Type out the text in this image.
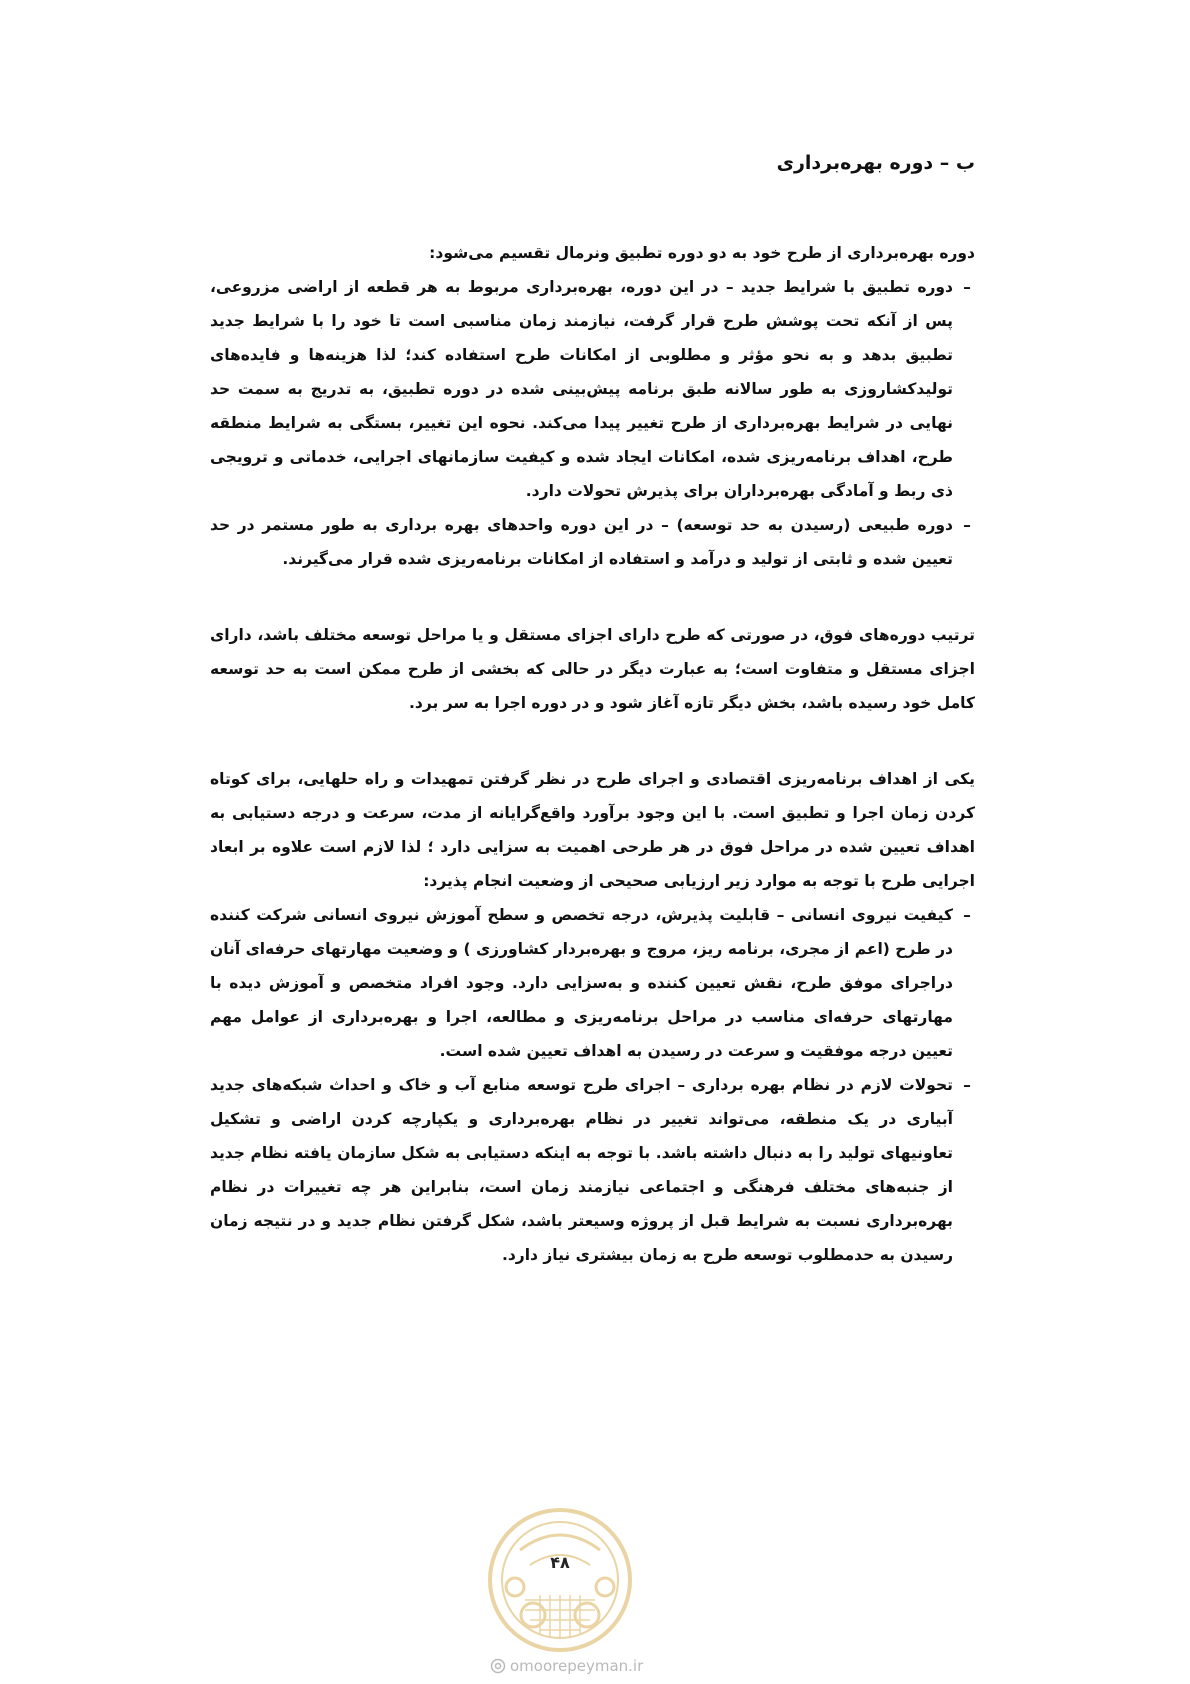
ب – دوره بهره‌برداری

دوره بهره‌برداری از طرح خود به دو دوره تطبیق ونرمال تقسیم می‌شود:

–
دوره تطبیق با شرایط جدید – در این دوره، بهره‌برداری مربوط به هر قطعه از اراضی مزروعی، پس از آنکه تحت پوشش طرح قرار گرفت، نیازمند زمان مناسبی است تا خود را با شرایط جدید تطبیق بدهد و به نحو مؤثر و مطلوبی از امکانات طرح استفاده کند؛ لذا هزینه‌ها و فایده‌های تولیدکشاروزی به طور سالانه طبق برنامه پیش‌بینی شده در دوره تطبیق، به تدریج به سمت حد نهایی در شرایط بهره‌برداری از طرح تغییر پیدا می‌کند. نحوه این تغییر، بستگی به شرایط منطقه طرح، اهداف برنامه‌ریزی شده، امکانات ایجاد شده و کیفیت سازمانهای اجرایی، خدماتی و ترویجی ذی ربط و آمادگی بهره‌برداران برای پذیرش تحولات دارد.
–
دوره طبیعی (رسیدن به حد توسعه) – در این دوره واحدهای بهره برداری به طور مستمر در حد تعیین شده و ثابتی از تولید و درآمد و استفاده از امکانات برنامه‌ریزی شده قرار می‌گیرند.

ترتیب دوره‌های فوق، در صورتی که طرح دارای اجزای مستقل و یا مراحل توسعه مختلف باشد، دارای اجزای مستقل و متفاوت است؛ به عبارت دیگر در حالی که بخشی از طرح ممکن است به حد توسعه کامل خود رسیده باشد، بخش دیگر تازه آغاز شود و در دوره اجرا به سر برد.

یکی از اهداف برنامه‌ریزی اقتصادی و اجرای طرح در نظر گرفتن تمهیدات و راه حلهایی، برای کوتاه کردن زمان اجرا و تطبیق است. با این وجود برآورد واقع‌گرایانه از مدت، سرعت و درجه دستیابی به اهداف تعیین شده در مراحل فوق در هر طرحی اهمیت به سزایی دارد ؛ لذا لازم است علاوه بر ابعاد اجرایی طرح با توجه به موارد زیر ارزیابی صحیحی از وضعیت انجام پذیرد:

–
کیفیت نیروی انسانی – قابلیت پذیرش، درجه تخصص و سطح آموزش نیروی انسانی شرکت کننده در طرح (اعم از مجری، برنامه ریز، مروج و بهره‌بردار کشاورزی ) و وضعیت مهارتهای حرفه‌ای آنان دراجرای موفق طرح، نقش تعیین کننده و به‌سزایی دارد. وجود افراد متخصص و آموزش دیده با مهارتهای حرفه‌ای مناسب در مراحل برنامه‌ریزی و مطالعه، اجرا و بهره‌برداری از عوامل مهم تعیین درجه موفقیت و سرعت در رسیدن به اهداف تعیین شده است.
–
تحولات لازم در نظام بهره برداری – اجرای طرح توسعه منابع آب و خاک و احداث شبکه‌های جدید آبیاری در یک منطقه، می‌تواند تغییر در نظام بهره‌برداری و یکپارچه کردن اراضی و تشکیل تعاونیهای تولید را به دنبال داشته باشد. با توجه به اینکه دستیابی به شکل سازمان یافته نظام جدید از جنبه‌های مختلف فرهنگی و اجتماعی نیازمند زمان است، بنابراین هر چه تغییرات در نظام بهره‌برداری نسبت به شرایط قبل از پروژه وسیعتر باشد، شکل گرفتن نظام جدید و در نتیجه زمان رسیدن به حدمطلوب توسعه طرح به زمان بیشتری نیاز دارد.
۴۸
omoorepeyman.ir
